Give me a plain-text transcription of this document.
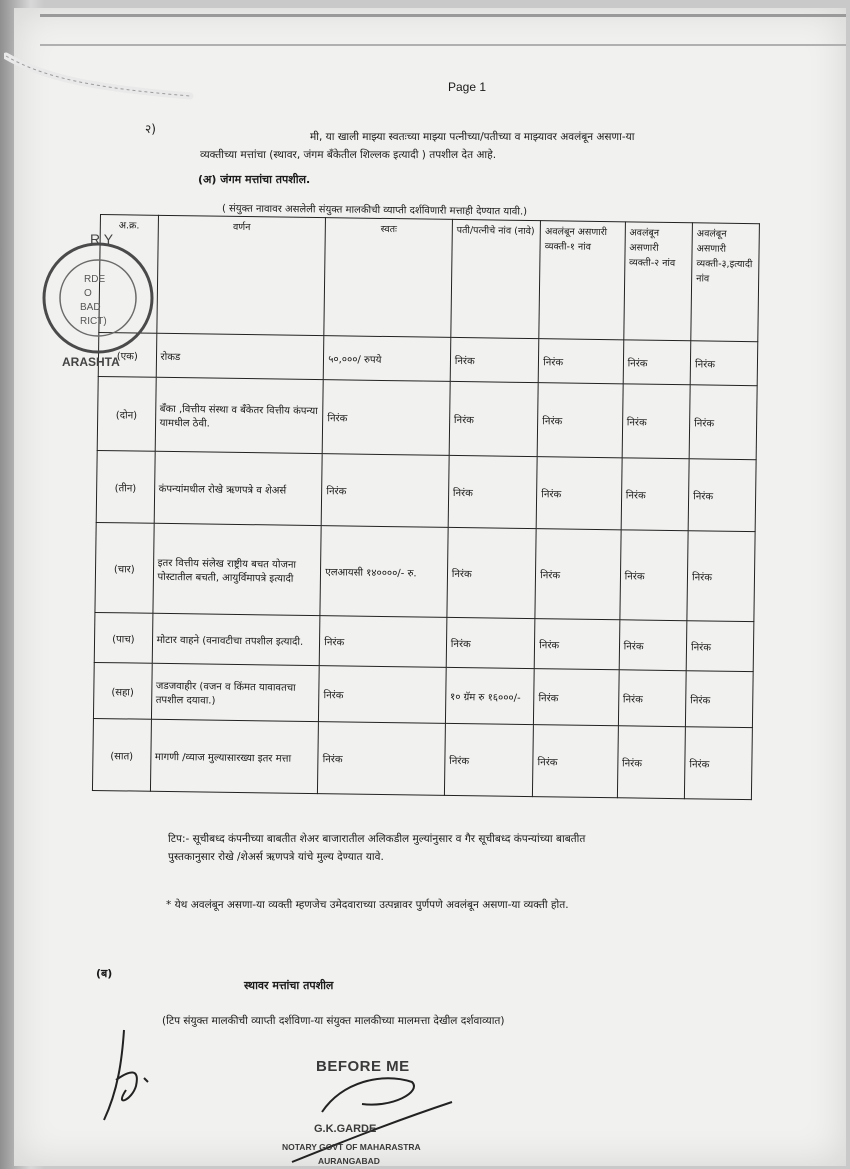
Page 1
२)
मी, या खाली माझ्या स्वतःच्या माझ्या पत्नीच्या/पतीच्या व माझ्यावर अवलंबून असणा-या
व्यक्तीच्या मत्तांचा (स्थावर, जंगम बँकेतील शिल्लक इत्यादी ) तपशील देत आहे.
(अ) जंगम मत्तांचा तपशील.
( संयुक्त नावावर असलेली संयुक्त मालकीची व्याप्ती दर्शविणारी मत्ताही देण्यात यावी.)
अ.क्र.	वर्णन	स्वतः	पती/पत्नीचे नांव (नावे)	अवलंबून असणारी व्यक्ती-१ नांव	अवलंबून असणारी व्यक्ती-२ नांव	अवलंबून असणारी व्यक्ती-३,इत्यादी नांव
(एक)	रोकड	५०,०००/ रुपये	निरंक	निरंक	निरंक	निरंक
(दोन)	बँका ,वित्तीय संस्था व बँकेतर वित्तीय कंपन्या यामधील ठेवी.	निरंक	निरंक	निरंक	निरंक	निरंक
(तीन)	कंपन्यांमधील रोखे ऋणपत्रे व शेअर्स	निरंक	निरंक	निरंक	निरंक	निरंक
(चार)	इतर वित्तीय संलेख राष्ट्रीय बचत योजना पोस्टातील बचती, आयुर्विमापत्रे इत्यादी	एलआयसी १४००००/- रु.	निरंक	निरंक	निरंक	निरंक
(पाच)	मोटार वाहने (वनावटीचा तपशील इत्यादी.	निरंक	निरंक	निरंक	निरंक	निरंक
(सहा)	जडजवाहीर (वजन व किंमत यावावतचा तपशील दयावा.)	निरंक	१० ग्रॅम रु १६०००/-	निरंक	निरंक	निरंक
(सात)	मागणी /व्याज मुल्यासारख्या इतर मत्ता	निरंक	निरंक	निरंक	निरंक	निरंक
R Y
RDE
O
BAD
RICT)
ARASHTA
टिप:- सूचीबध्द कंपनीच्या बाबतीत शेअर बाजारातील अलिकडील मुल्यांनुसार व गैर सूचीबध्द कंपन्यांच्या बाबतीत
पुस्तकानुसार रोखे /शेअर्स ऋणपत्रे यांचे मुल्य देण्यात यावे.
* येथ अवलंबून असणा-या व्यक्ती म्हणजेच उमेदवाराच्या उत्पन्नावर पुर्णपणे अवलंबून असणा-या व्यक्ती होत.
(ब)
स्थावर मत्तांचा तपशील
(टिप संयुक्त मालकीची व्याप्ती दर्शविणा-या संयुक्त मालकीच्या मालमत्ता देखील दर्शवाव्यात)
BEFORE ME
G.K.GARDE
NOTARY GOVT OF MAHARASTRA
AURANGABAD
